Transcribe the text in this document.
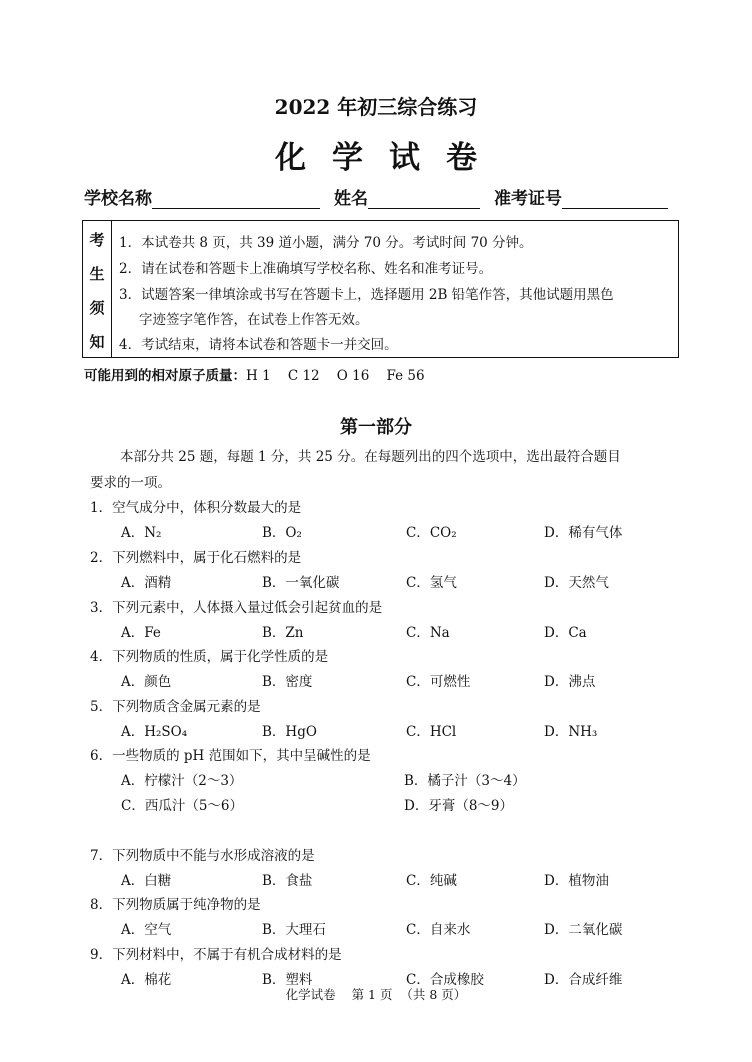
2022 年初三综合练习
化学试卷
学校名称	姓名	准考证号
考
生
须
知
1．本试卷共 8 页，共 39 道小题，满分 70 分。考试时间 70 分钟。
2．请在试卷和答题卡上准确填写学校名称、姓名和准考证号。
3．试题答案一律填涂或书写在答题卡上，选择题用 2B 铅笔作答，其他试题用黑色
字迹签字笔作答，在试卷上作答无效。
4．考试结束，请将本试卷和答题卡一并交回。
可能用到的相对原子质量：H 1    C 12    O 16    Fe 56
第一部分
本部分共 25 题，每题 1 分，共 25 分。在每题列出的四个选项中，选出最符合题目
要求的一项。
1．空气成分中，体积分数最大的是
A．N₂	B．O₂	C．CO₂	D．稀有气体
2．下列燃料中，属于化石燃料的是
A．酒精	B．一氧化碳	C．氢气	D．天然气
3．下列元素中，人体摄入量过低会引起贫血的是
A．Fe	B．Zn	C．Na	D．Ca
4．下列物质的性质，属于化学性质的是
A．颜色	B．密度	C．可燃性	D．沸点
5．下列物质含金属元素的是
A．H₂SO₄	B．HgO	C．HCl	D．NH₃
6．一些物质的 pH 范围如下，其中呈碱性的是
A．柠檬汁（2～3）	B．橘子汁（3～4）
C．西瓜汁（5～6）	D．牙膏（8～9）
7．下列物质中不能与水形成溶液的是
A．白糖	B．食盐	C．纯碱	D．植物油
8．下列物质属于纯净物的是
A．空气	B．大理石	C．自来水	D．二氧化碳
9．下列材料中，不属于有机合成材料的是
A．棉花	B．塑料	C．合成橡胶	D．合成纤维
化学试卷    第 1 页  （共 8 页）
